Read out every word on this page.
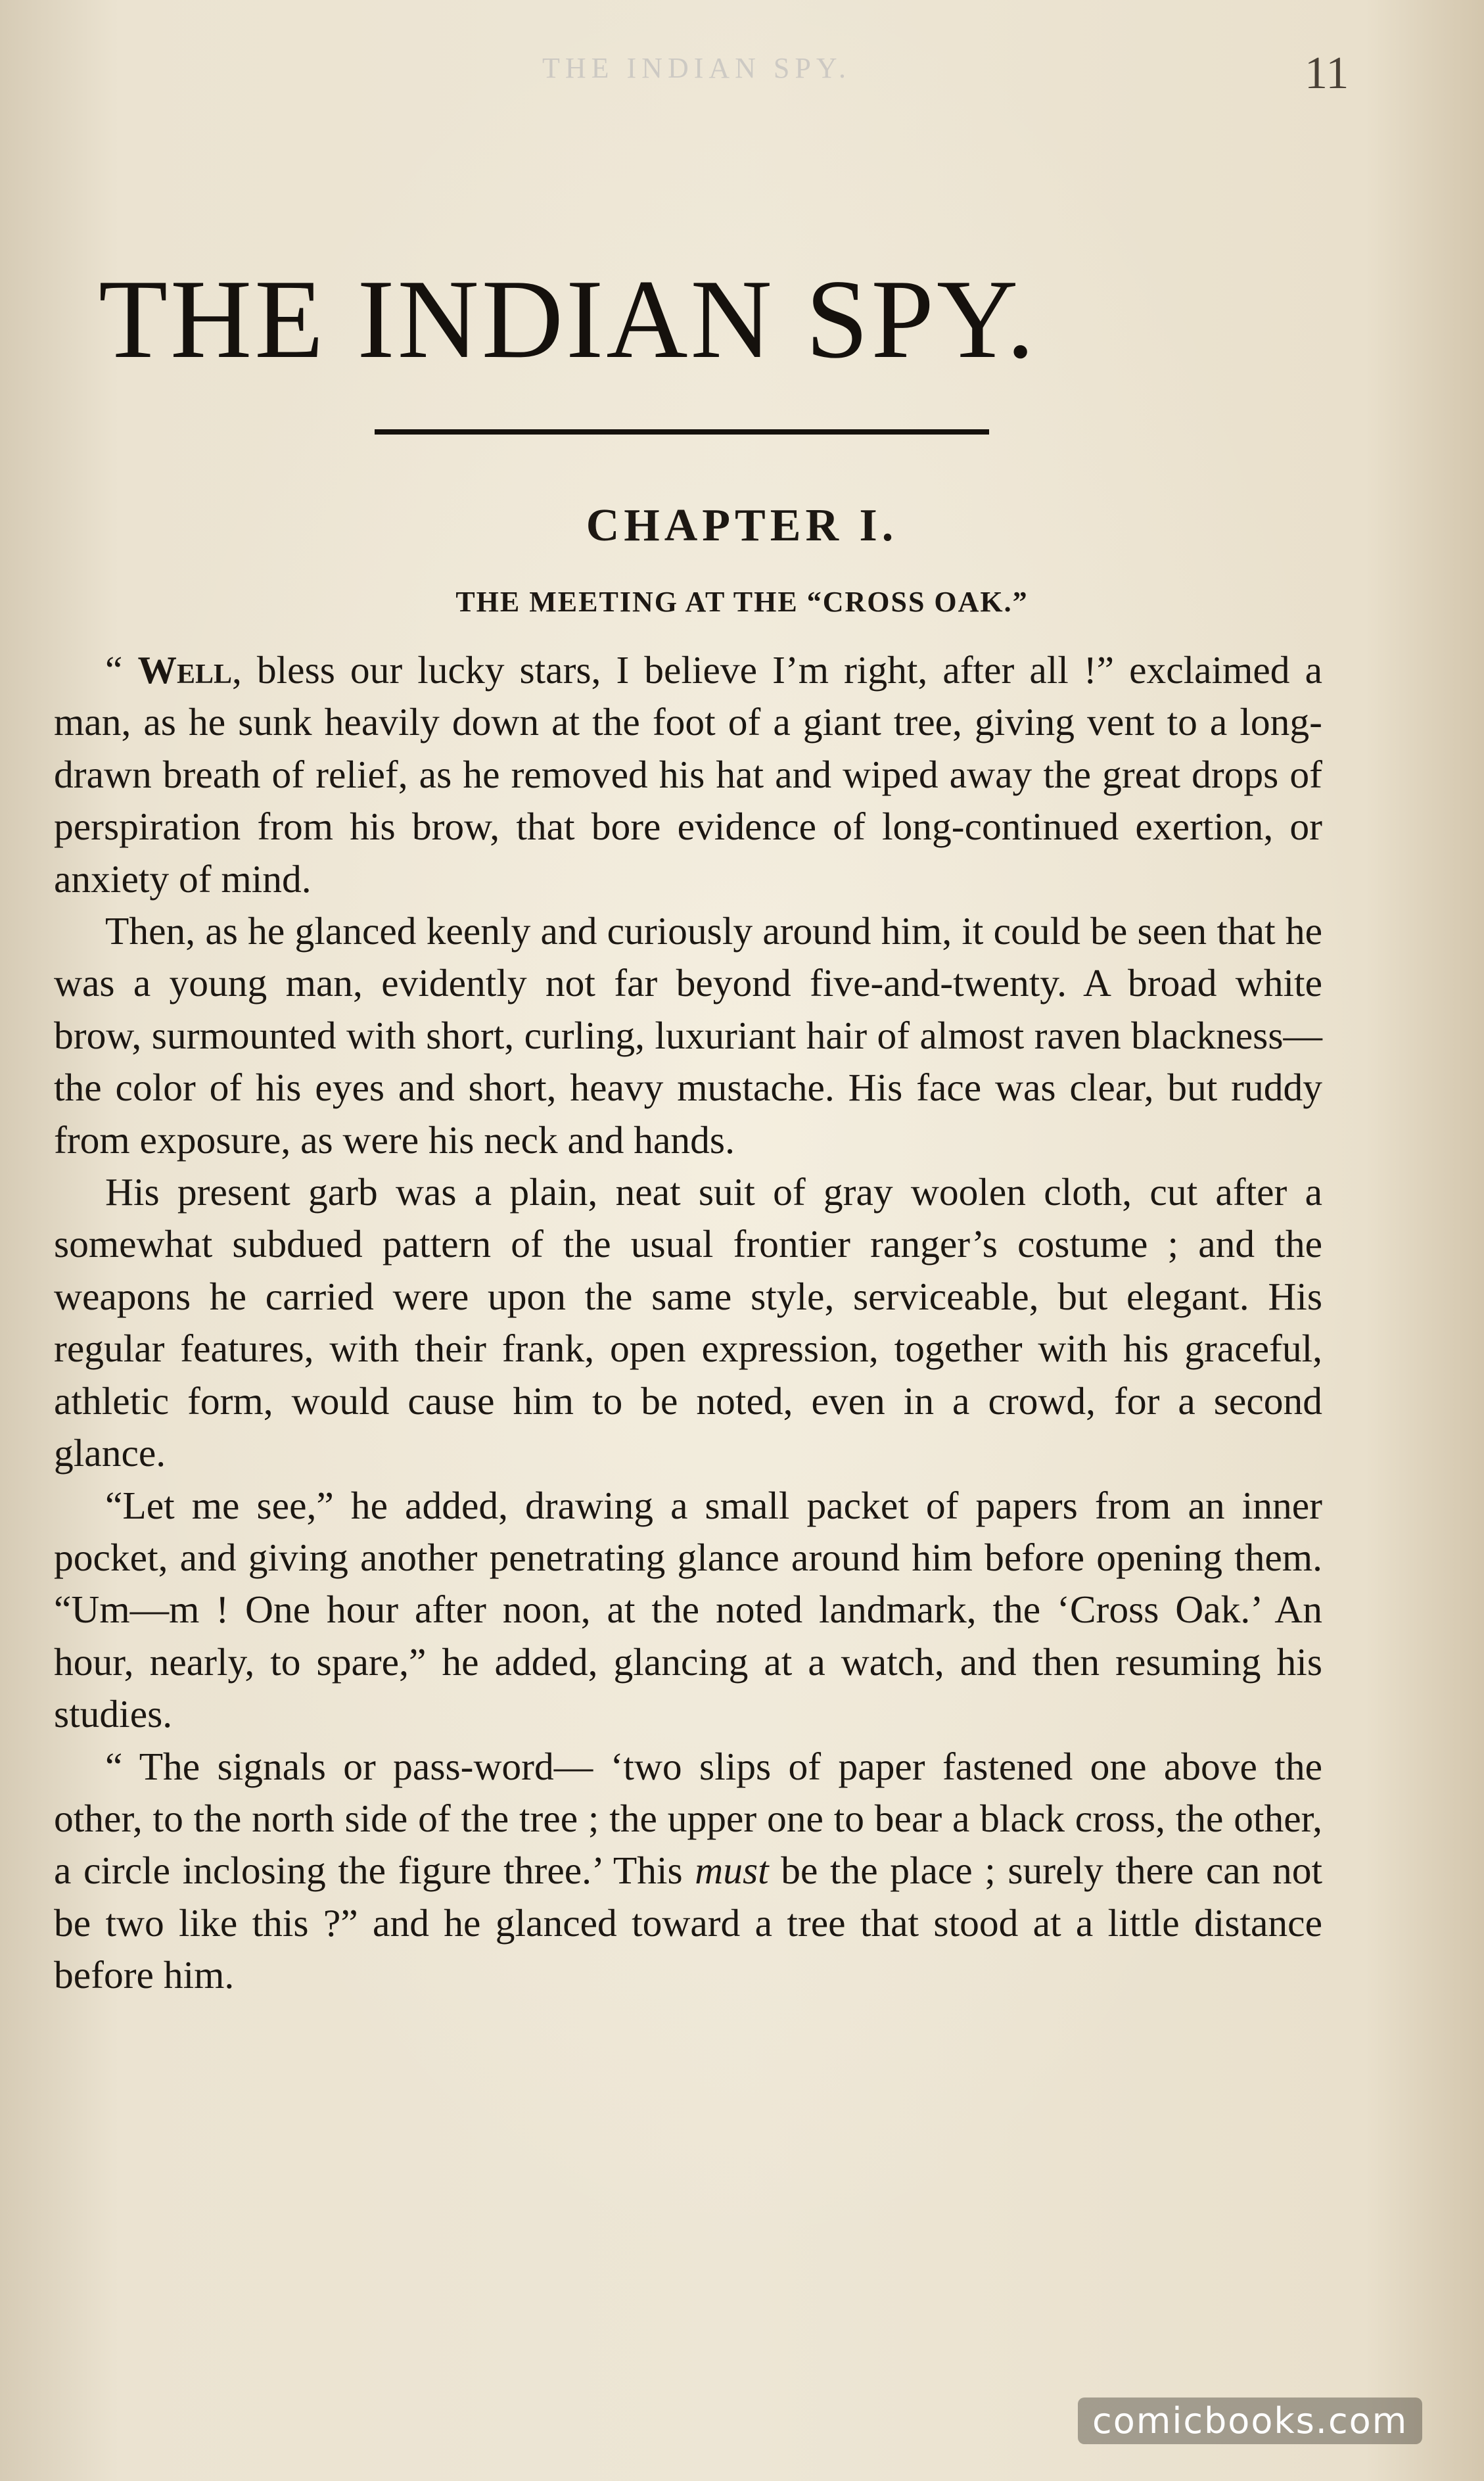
THE INDIAN SPY.	11
THE INDIAN SPY.
CHAPTER I.
THE MEETING AT THE “CROSS OAK.”

“ Well, bless our lucky stars, I believe I’m right, after all !” exclaimed a man, as he sunk heavily down at the foot of a giant tree, giving vent to a long-drawn breath of relief, as he removed his hat and wiped away the great drops of perspiration from his brow, that bore evidence of long-continued exertion, or anxiety of mind.

Then, as he glanced keenly and curiously around him, it could be seen that he was a young man, evidently not far beyond five-and-twenty. A broad white brow, surmounted with short, curling, luxuriant hair of almost raven blackness—the color of his eyes and short, heavy mustache. His face was clear, but ruddy from exposure, as were his neck and hands.

His present garb was a plain, neat suit of gray woolen cloth, cut after a somewhat subdued pattern of the usual frontier ranger’s costume ; and the weapons he carried were upon the same style, serviceable, but elegant. His regular features, with their frank, open expression, together with his graceful, athletic form, would cause him to be noted, even in a crowd, for a second glance.

“Let me see,” he added, drawing a small packet of papers from an inner pocket, and giving another penetrating glance around him before opening them. “Um—m ! One hour after noon, at the noted landmark, the ‘Cross Oak.’ An hour, nearly, to spare,” he added, glancing at a watch, and then resuming his studies.

“ The signals or pass-word— ‘two slips of paper fastened one above the other, to the north side of the tree ; the upper one to bear a black cross, the other, a circle inclosing the figure three.’ This must be the place ; surely there can not be two like this ?” and he glanced toward a tree that stood at a little distance before him.

comicbooks.com
